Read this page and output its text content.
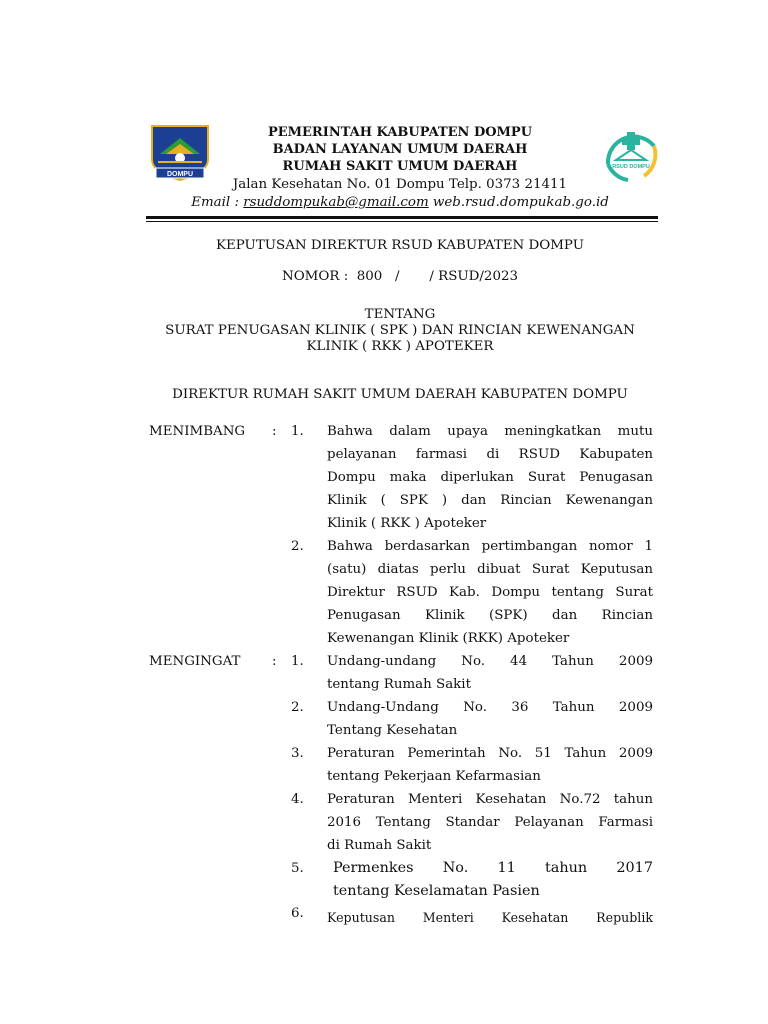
DOMPU
RSUD DOMPU
PEMERINTAH KABUPATEN DOMPU
BADAN LAYANAN UMUM DAERAH
RUMAH SAKIT UMUM DAERAH
Jalan Kesehatan No. 01 Dompu Telp. 0373 21411
Email : rsuddompukab@gmail.com web.rsud.dompukab.go.id
KEPUTUSAN DIREKTUR RSUD KABUPATEN DOMPU
NOMOR :  800   /       / RSUD/2023
TENTANG
SURAT PENUGASAN KLINIK ( SPK ) DAN RINCIAN KEWENANGAN
KLINIK ( RKK ) APOTEKER
DIREKTUR RUMAH SAKIT UMUM DAERAH KABUPATEN DOMPU
MENIMBANG : 1. Bahwa dalam upaya meningkatkan mutu
pelayanan farmasi di RSUD Kabupaten
Dompu maka diperlukan Surat Penugasan
Klinik ( SPK ) dan Rincian Kewenangan
Klinik ( RKK ) Apoteker
2. Bahwa berdasarkan pertimbangan nomor 1
(satu) diatas perlu dibuat Surat Keputusan
Direktur RSUD Kab. Dompu tentang Surat
Penugasan Klinik (SPK) dan Rincian
Kewenangan Klinik (RKK) Apoteker
MENGINGAT : 1. Undang-undang No. 44 Tahun 2009
tentang Rumah Sakit
2. Undang-Undang No. 36 Tahun 2009
Tentang Kesehatan
3. Peraturan Pemerintah No. 51 Tahun 2009
tentang Pekerjaan Kefarmasian
4. Peraturan Menteri Kesehatan No.72 tahun
2016 Tentang Standar Pelayanan Farmasi
di Rumah Sakit
5. Permenkes No. 11 tahun 2017
tentang Keselamatan Pasien
6. Keputusan Menteri Kesehatan Republik
